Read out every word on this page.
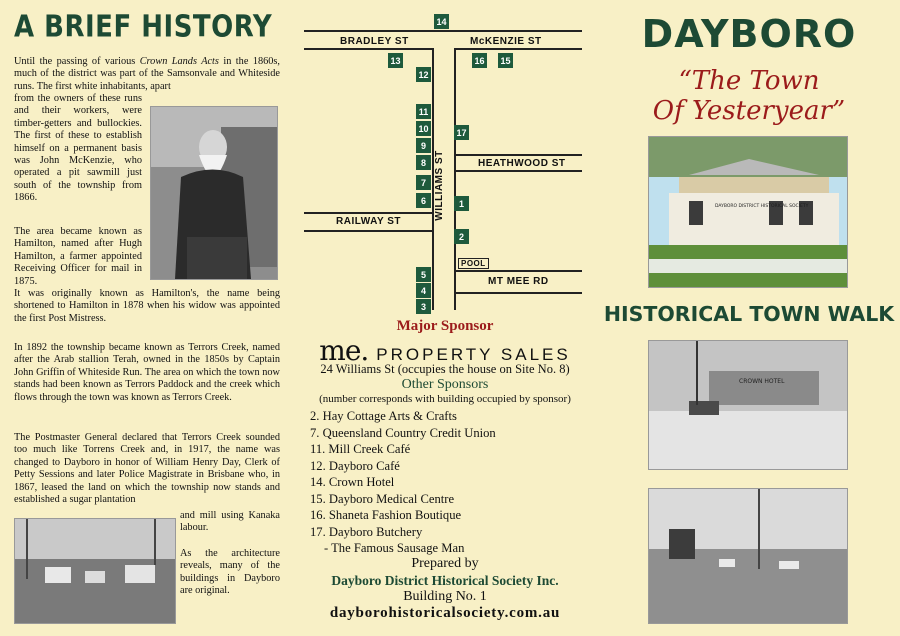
A BRIEF HISTORY

Until the passing of various Crown Lands Acts in the 1860s, much of the district was part of the Samsonvale and Whiteside runs. The first white inhabitants, apart

from the owners of these runs and their workers, were timber-getters and bullockies. The first of these to establish himself on a permanent basis was John McKenzie, who operated a pit sawmill just south of the township from 1866.

The area became known as Hamilton, named after Hugh Hamilton, a farmer appointed Receiving Officer for mail in 1875.

It was originally known as Hamilton's, the name being shortened to Hamilton in 1878 when his widow was appointed the first Post Mistress.

In 1892 the township became known as Terrors Creek, named after the Arab stallion Terah, owned in the 1850s by Captain John Griffin of Whiteside Run. The area on which the town now stands had been known as Terrors Paddock and the creek which flows through the town was known as Terrors Creek.

The Postmaster General declared that Terrors Creek sounded too much like Torrens Creek and, in 1917, the name was changed to Dayboro in honor of William Henry Day, Clerk of Petty Sessions and later Police Magistrate in Brisbane who, in 1867, leased the land on which the township now stands and established a sugar plantation

and mill using Kanaka labour.

As the architecture reveals, many of the buildings in Dayboro are original.

BRADLEY ST	McKENZIE ST
HEATHWOOD ST
RAILWAY ST
MT MEE RD
WILLIAMS ST
POOL
14
13
12
16 15
11
10
9
8
7
6
17
1
2
5
4
3
Major Sponsor
me. PROPERTY SALES
24 Williams St (occupies the house on Site No. 8)
Other Sponsors
(number corresponds with building occupied by sponsor)
2. Hay Cottage Arts & Crafts
7. Queensland Country Credit Union
11. Mill Creek Café
12. Dayboro Café
14. Crown Hotel
15. Dayboro Medical Centre
16. Shaneta Fashion Boutique
17. Dayboro Butchery
- The Famous Sausage Man
Prepared by
Dayboro District Historical Society Inc.
Building No. 1
dayborohistoricalsociety.com.au
DAYBORO
“The Town
Of Yesteryear”
DAYBORO DISTRICT HISTORICAL SOCIETY
HISTORICAL TOWN WALK
CROWN HOTEL
